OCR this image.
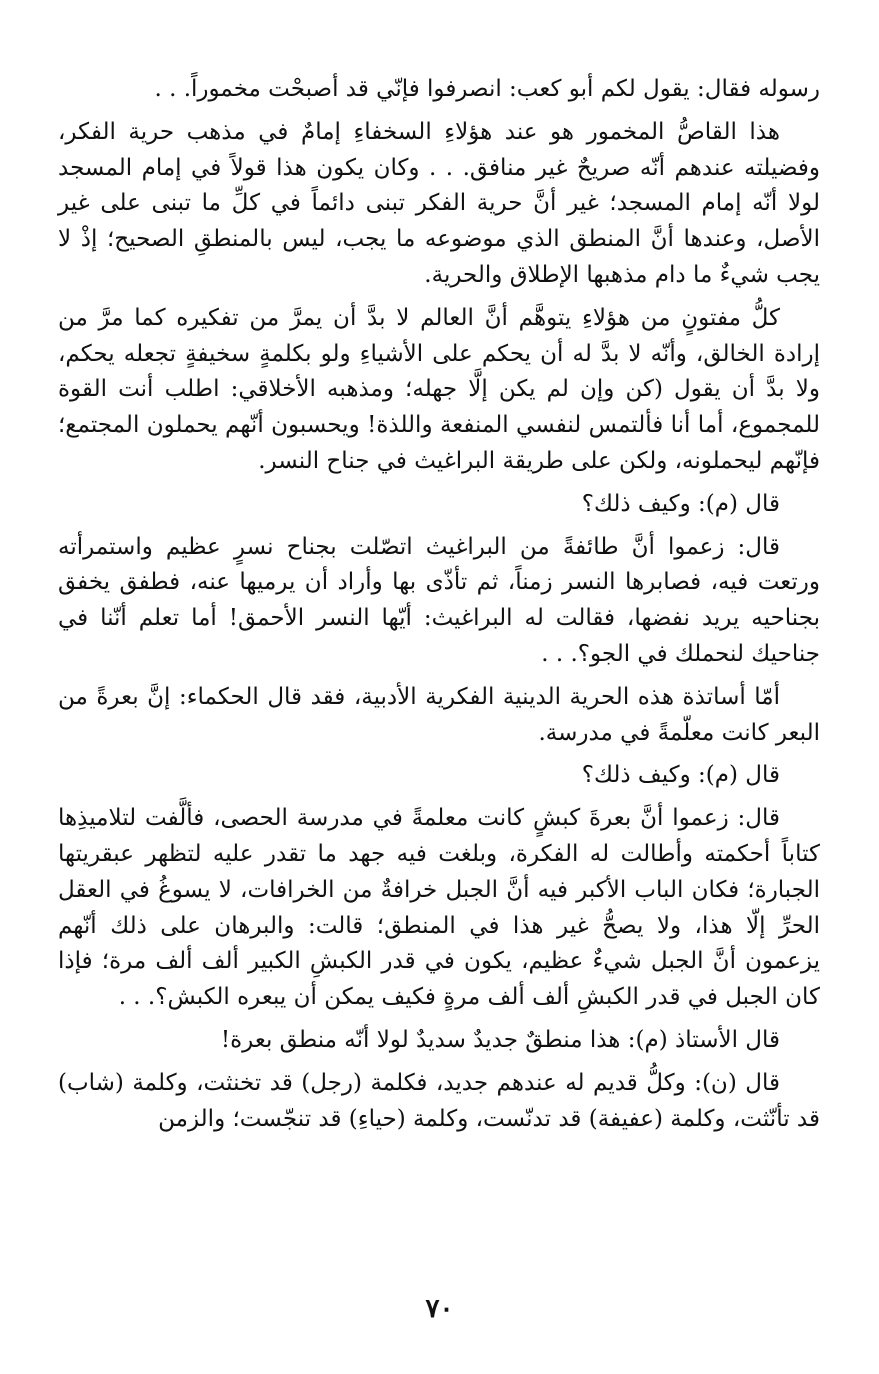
رسوله فقال: يقول لكم أبو كعب: انصرفوا فإنّي قد أصبحْت مخموراً. . .

هذا القاصُّ المخمور هو عند هؤلاءِ السخفاءِ إمامٌ في مذهب حرية الفكر، وفضيلته عندهم أنّه صريحٌ غير منافق. . . وكان يكون هذا قولاً في إمام المسجد لولا أنّه إمام المسجد؛ غير أنَّ حرية الفكر تبنى دائماً في كلِّ ما تبنى على غير الأصل، وعندها أنَّ المنطق الذي موضوعه ما يجب، ليس بالمنطقِ الصحيح؛ إذْ لا يجب شيءٌ ما دام مذهبها الإطلاق والحرية.

كلُّ مفتونٍ من هؤلاءِ يتوهَّم أنَّ العالم لا بدَّ أن يمرَّ من تفكيره كما مرَّ من إرادة الخالق، وأنّه لا بدَّ له أن يحكم على الأشياءِ ولو بكلمةٍ سخيفةٍ تجعله يحكم، ولا بدَّ أن يقول (كن وإن لم يكن إلَّا جهله؛ ومذهبه الأخلاقي: اطلب أنت القوة للمجموع، أما أنا فألتمس لنفسي المنفعة واللذة! ويحسبون أنّهم يحملون المجتمع؛ فإنّهم ليحملونه، ولكن على طريقة البراغيث في جناح النسر.

قال (م): وكيف ذلك؟

قال: زعموا أنَّ طائفةً من البراغيث اتصّلت بجناح نسرٍ عظيم واستمرأته ورتعت فيه، فصابرها النسر زمناً، ثم تأذّى بها وأراد أن يرميها عنه، فطفق يخفق بجناحيه يريد نفضها، فقالت له البراغيث: أيّها النسر الأحمق! أما تعلم أنّنا في جناحيك لنحملك في الجو؟. . .

أمّا أساتذة هذه الحرية الدينية الفكرية الأدبية، فقد قال الحكماء: إنَّ بعرةً من البعر كانت معلّمةً في مدرسة.

قال (م): وكيف ذلك؟

قال: زعموا أنَّ بعرةَ كبشٍ كانت معلمةً في مدرسة الحصى، فألَّفت لتلاميذِها كتاباً أحكمته وأطالت له الفكرة، وبلغت فيه جهد ما تقدر عليه لتظهر عبقريتها الجبارة؛ فكان الباب الأكبر فيه أنَّ الجبل خرافةٌ من الخرافات، لا يسوغُ في العقل الحرِّ إلّا هذا، ولا يصحُّ غير هذا في المنطق؛ قالت: والبرهان على ذلك أنّهم يزعمون أنَّ الجبل شيءٌ عظيم، يكون في قدر الكبشِ الكبير ألف ألف مرة؛ فإذا كان الجبل في قدر الكبشِ ألف ألف مرةٍ فكيف يمكن أن يبعره الكبش؟. . .

قال الأستاذ (م): هذا منطقٌ جديدٌ سديدٌ لولا أنّه منطق بعرة!

قال (ن): وكلُّ قديم له عندهم جديد، فكلمة (رجل) قد تخنثت، وكلمة (شاب) قد تأنّثت، وكلمة (عفيفة) قد تدنّست، وكلمة (حياءِ) قد تنجّست؛ والزمن

٧٠
